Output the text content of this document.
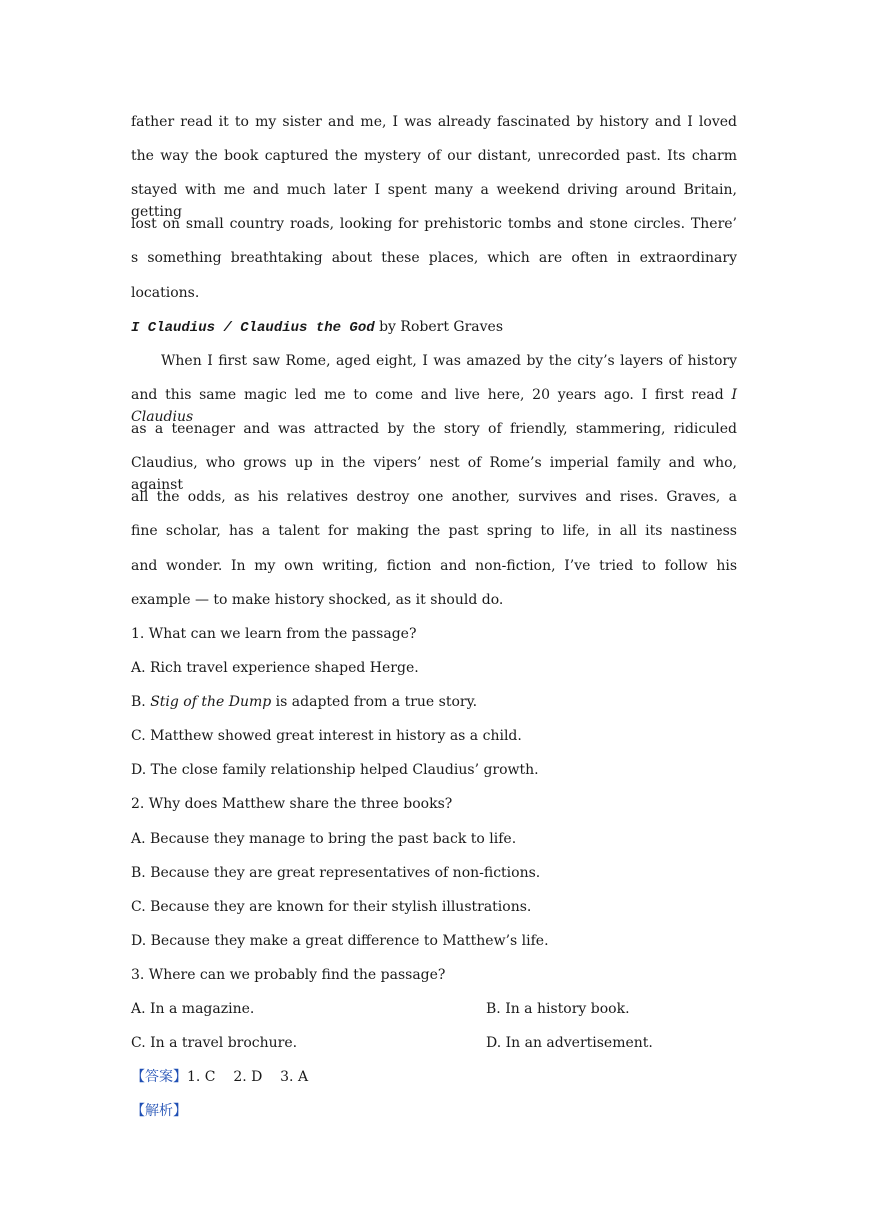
father read it to my sister and me, I was already fascinated by history and I loved
the way the book captured the mystery of our distant, unrecorded past. Its charm
stayed with me and much later I spent many a weekend driving around Britain, getting
lost on small country roads, looking for prehistoric tombs and stone circles. There’
s something breathtaking about these places, which are often in extraordinary
locations.
I Claudius / Claudius the God by Robert Graves
When I first saw Rome, aged eight, I was amazed by the city’s layers of history
and this same magic led me to come and live here, 20 years ago. I first read I Claudius
as a teenager and was attracted by the story of friendly, stammering, ridiculed
Claudius, who grows up in the vipers’ nest of Rome’s imperial family and who, against
all the odds, as his relatives destroy one another, survives and rises. Graves, a
fine scholar, has a talent for making the past spring to life, in all its nastiness
and wonder. In my own writing, fiction and non-fiction, I’ve tried to follow his
example — to make history shocked, as it should do.
1. What can we learn from the passage?
A. Rich travel experience shaped Herge.
B. Stig of the Dump is adapted from a true story.
C. Matthew showed great interest in history as a child.
D. The close family relationship helped Claudius’ growth.
2. Why does Matthew share the three books?
A. Because they manage to bring the past back to life.
B. Because they are great representatives of non-fictions.
C. Because they are known for their stylish illustrations.
D. Because they make a great difference to Matthew’s life.
3. Where can we probably find the passage?
A. In a magazine.	B. In a history book.
C. In a travel brochure.	D. In an advertisement.
【答案】1. C    2. D    3. A
【解析】
